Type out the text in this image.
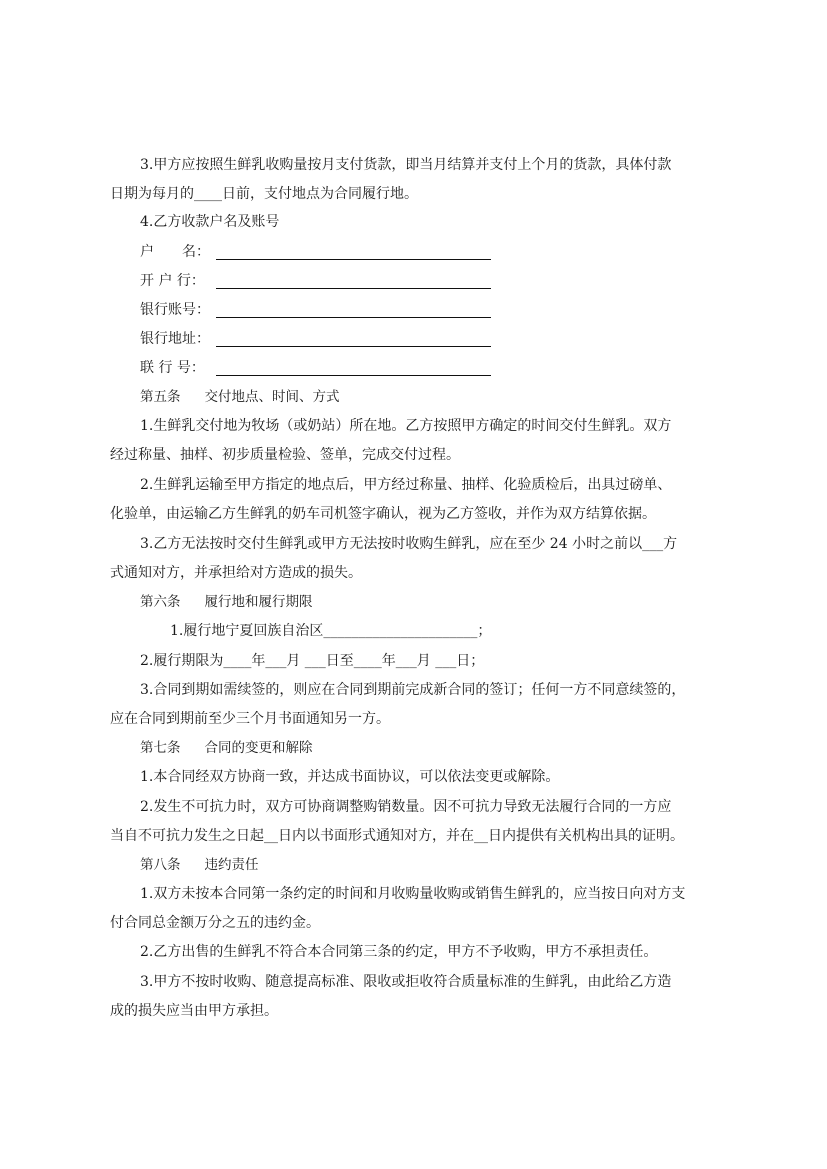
3.甲方应按照生鲜乳收购量按月支付货款，即当月结算并支付上个月的货款，具体付款
日期为每月的____日前，支付地点为合同履行地。
4.乙方收款户名及账号
户　　名：
开 户 行：
银行账号：
银行地址：
联 行 号：
第五条 交付地点、时间、方式
1.生鲜乳交付地为牧场（或奶站）所在地。乙方按照甲方确定的时间交付生鲜乳。双方
经过称量、抽样、初步质量检验、签单，完成交付过程。
2.生鲜乳运输至甲方指定的地点后，甲方经过称量、抽样、化验质检后，出具过磅单、
化验单，由运输乙方生鲜乳的奶车司机签字确认，视为乙方签收，并作为双方结算依据。
3.乙方无法按时交付生鲜乳或甲方无法按时收购生鲜乳，应在至少 24 小时之前以___方
式通知对方，并承担给对方造成的损失。
第六条 履行地和履行期限
1.履行地宁夏回族自治区______________________；
2.履行期限为____年___月 ___日至____年___月 ___日；
3.合同到期如需续签的，则应在合同到期前完成新合同的签订；任何一方不同意续签的，
应在合同到期前至少三个月书面通知另一方。
第七条 合同的变更和解除
1.本合同经双方协商一致，并达成书面协议，可以依法变更或解除。
2.发生不可抗力时，双方可协商调整购销数量。因不可抗力导致无法履行合同的一方应
当自不可抗力发生之日起__日内以书面形式通知对方，并在__日内提供有关机构出具的证明。
第八条 违约责任
1.双方未按本合同第一条约定的时间和月收购量收购或销售生鲜乳的，应当按日向对方支
付合同总金额万分之五的违约金。
2.乙方出售的生鲜乳不符合本合同第三条的约定，甲方不予收购，甲方不承担责任。
3.甲方不按时收购、随意提高标准、限收或拒收符合质量标准的生鲜乳，由此给乙方造
成的损失应当由甲方承担。
